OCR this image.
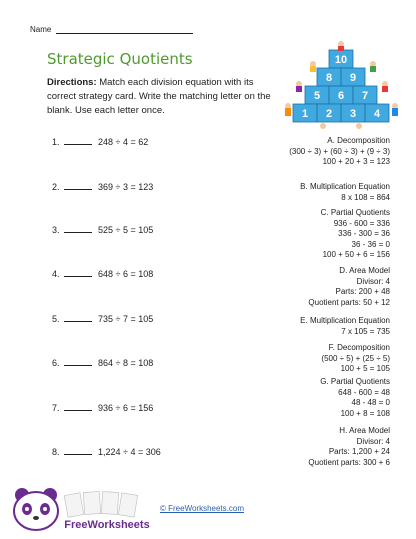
Name
Strategic Quotients
Directions: Match each division equation with its correct strategy card. Write the matching letter on the blank. Use each letter once.
10
8 9
5 6 7
1 2 3 4
1.	248 ÷ 4 = 62
2.	369 ÷ 3 = 123
3.	525 ÷ 5 = 105
4.	648 ÷ 6 = 108
5.	735 ÷ 7 = 105
6.	864 ÷ 8 = 108
7.	936 ÷ 6 = 156
8.	1,224 ÷ 4 = 306
A. Decomposition
(300 ÷ 3) + (60 ÷ 3) + (9 ÷ 3)
100 + 20 + 3 = 123
B. Multiplication Equation
8 x 108 = 864
C. Partial Quotients
936 - 600 = 336
336 - 300 = 36
36 - 36 = 0
100 + 50 + 6 = 156
D. Area Model
Divisor: 4
Parts: 200 + 48
Quotient parts: 50 + 12
E. Multiplication Equation
7 x 105 = 735
F. Decomposition
(500 ÷ 5) + (25 ÷ 5)
100 + 5 = 105
G. Partial Quotients
648 - 600 = 48
48 - 48 = 0
100 + 8 = 108
H. Area Model
Divisor: 4
Parts: 1,200 + 24
Quotient parts: 300 + 6
FreeWorksheets
© FreeWorksheets.com
